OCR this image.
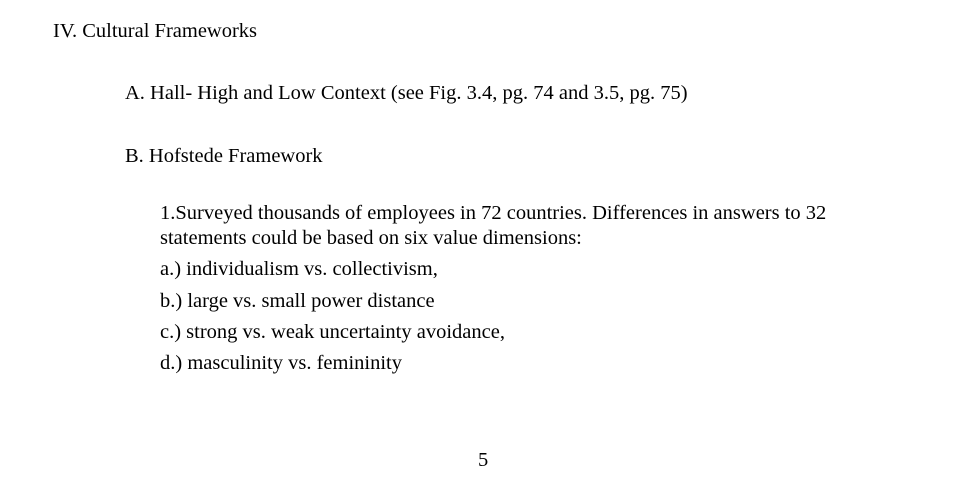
IV. Cultural Frameworks

A. Hall- High and Low Context (see Fig. 3.4, pg. 74 and 3.5, pg. 75)

B. Hofstede Framework

1.Surveyed thousands of employees in 72 countries. Differences in answers to 32 statements could be based on six value dimensions:

a.) individualism vs. collectivism,

b.) large vs. small power distance

c.) strong vs. weak uncertainty avoidance,

d.) masculinity vs. femininity

5
